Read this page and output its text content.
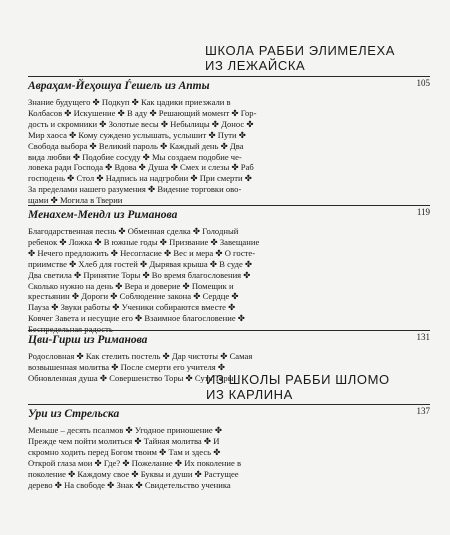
ШКОЛА РАББИ ЭЛИМЕЛЕХА
ИЗ ЛЕЖАЙСКА
Авраҳам-Йеҳошуа Ѓешель из Апты	105
Знание будущего ✤ Подкуп ✤ Как цадики приезжали в
Колбасов ✤ Искушение ✤ В аду ✤ Решающий момент ✤ Гор-
дость и скромники ✤ Золотые весы ✤ Небылицы ✤ Донос ✤
Мир хаоса ✤ Кому суждено услышать, услышит ✤ Пути ✤
Свобода выбора ✤ Великий пароль ✤ Каждый день ✤ Два
вида любви ✤ Подобие сосуду ✤ Мы создаем подобие че-
ловека ради Господа ✤ Вдова ✤ Душа ✤ Смех и слезы ✤ Раб
господень ✤ Стол ✤ Надпись на надгробии ✤ При смерти ✤
За пределами нашего разумения ✤ Видение торговки ово-
щами ✤ Могила в Тверии
Менахем-Мендл из Риманова	119
Благодарственная песнь ✤ Обменная сделка ✤ Голодный
ребенок ✤ Ложка ✤ В южные годы ✤ Призвание ✤ Завещание
✤ Нечего предложить ✤ Несогласие ✤ Вес и мера ✤ О госте-
приимстве ✤ Хлеб для гостей ✤ Дырявая крыша ✤ В суде ✤
Два светила ✤ Принятие Торы ✤ Во время благословения ✤
Сколько нужно на день ✤ Вера и доверие ✤ Помещик и
крестьянин ✤ Дороги ✤ Соблюдение закона ✤ Сердце ✤
Пауза ✤ Звуки работы ✤ Ученики собираются вместе ✤
Ковчег Завета и несущие его ✤ Взаимное благословение ✤
Беспредельная радость
Цви-Гирш из Риманова	131
Родословная ✤ Как стелить постель ✤ Дар чистоты ✤ Самая
возвышенная молитва ✤ После смерти его учителя ✤
Обновленная душа ✤ Совершенство Торы ✤ Суть Торы
ИЗ ШКОЛЫ РАББИ ШЛОМО
ИЗ КАРЛИНА
Ури из Стрельска	137
Меньше – десять псалмов ✤ Угодное приношение ✤
Прежде чем пойти молиться ✤ Тайная молитва ✤ И
скромно ходить перед Богом твоим ✤ Там и здесь ✤
Открой глаза мои ✤ Где? ✤ Пожелание ✤ Их поколение в
поколение ✤ Каждому свое ✤ Буквы и души ✤ Растущее
дерево ✤ На свободе ✤ Знак ✤ Свидетельство ученика
